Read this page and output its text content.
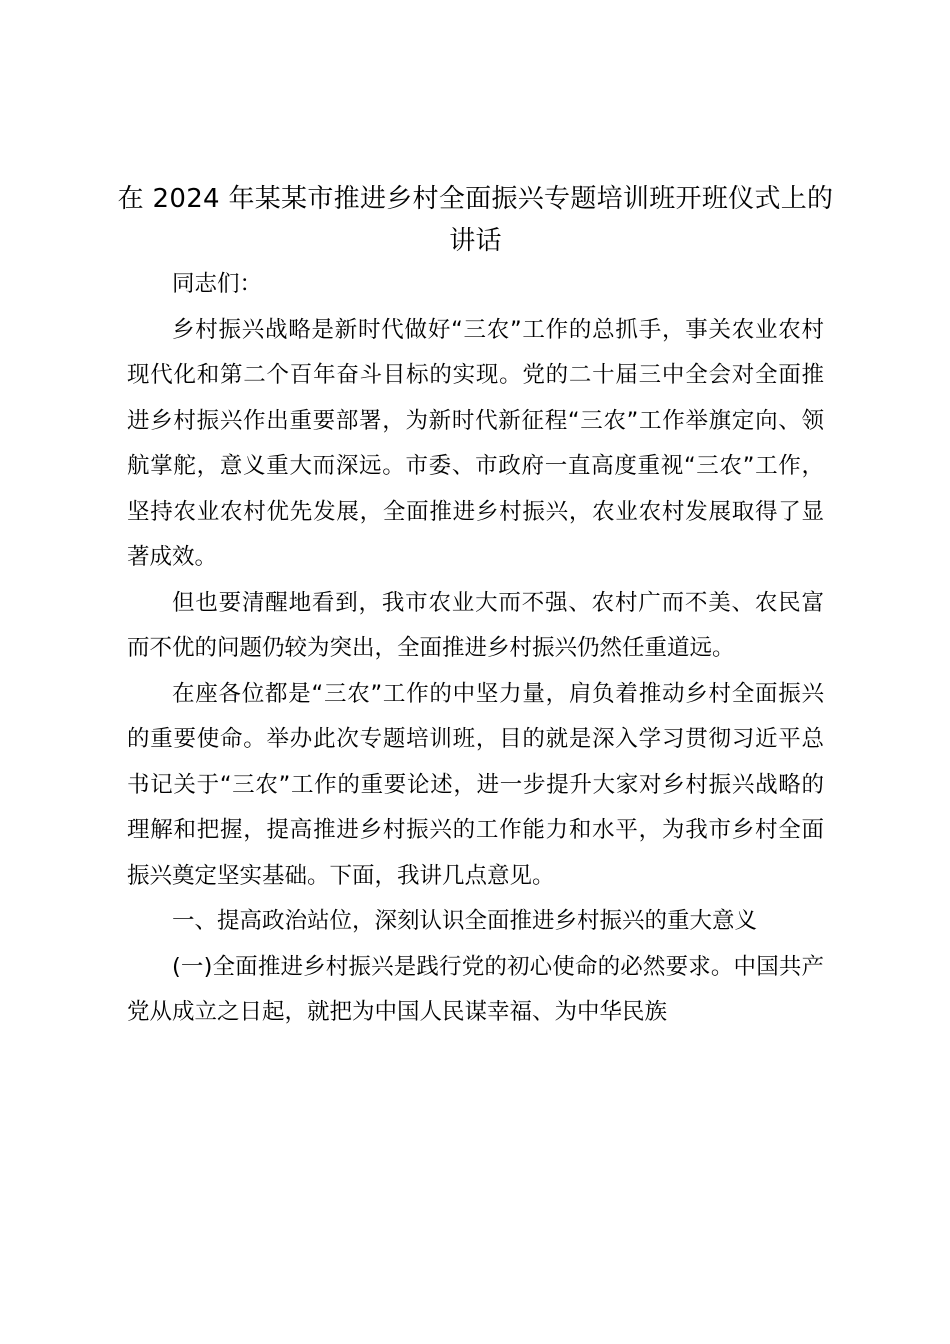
在 2024 年某某市推进乡村全面振兴专题培训班开班仪式上的讲话

同志们：

乡村振兴战略是新时代做好“三农”工作的总抓手，事关农业农村现代化和第二个百年奋斗目标的实现。党的二十届三中全会对全面推进乡村振兴作出重要部署，为新时代新征程“三农”工作举旗定向、领航掌舵，意义重大而深远。市委、市政府一直高度重视“三农”工作，坚持农业农村优先发展，全面推进乡村振兴，农业农村发展取得了显著成效。

但也要清醒地看到，我市农业大而不强、农村广而不美、农民富而不优的问题仍较为突出，全面推进乡村振兴仍然任重道远。

在座各位都是“三农”工作的中坚力量，肩负着推动乡村全面振兴的重要使命。举办此次专题培训班，目的就是深入学习贯彻习近平总书记关于“三农”工作的重要论述，进一步提升大家对乡村振兴战略的理解和把握，提高推进乡村振兴的工作能力和水平，为我市乡村全面振兴奠定坚实基础。下面，我讲几点意见。

一、提高政治站位，深刻认识全面推进乡村振兴的重大意义

(一)全面推进乡村振兴是践行党的初心使命的必然要求。中国共产党从成立之日起，就把为中国人民谋幸福、为中华民族
